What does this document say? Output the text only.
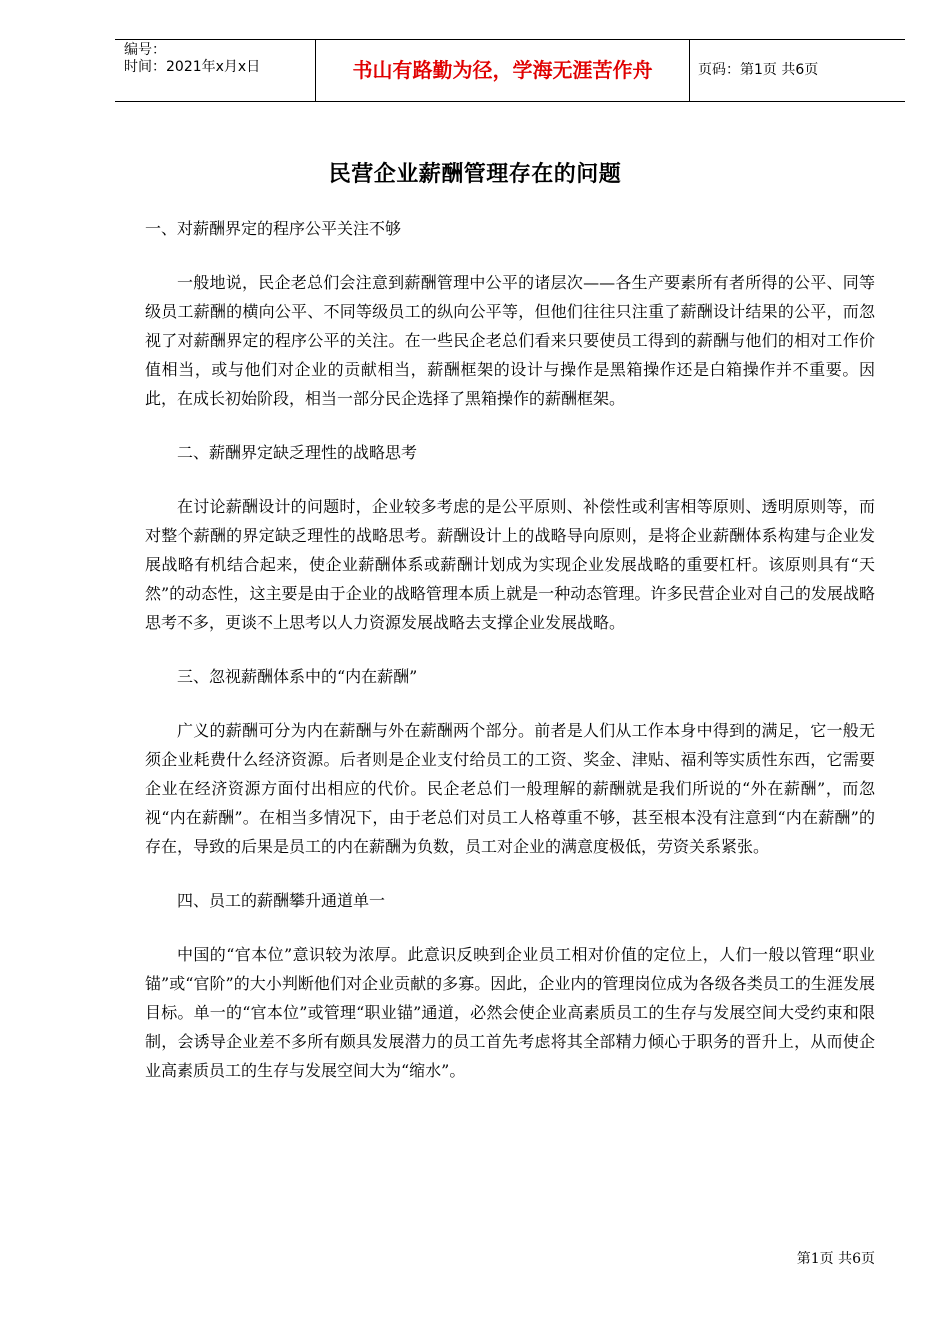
编号：
时间：2021年x月x日	书山有路勤为径，学海无涯苦作舟	页码：第1页 共6页
民营企业薪酬管理存在的问题
一、对薪酬界定的程序公平关注不够
一般地说，民企老总们会注意到薪酬管理中公平的诸层次——各生产要素所有者所得的公平、同等级员工薪酬的横向公平、不同等级员工的纵向公平等，但他们往往只注重了薪酬设计结果的公平，而忽视了对薪酬界定的程序公平的关注。在一些民企老总们看来只要使员工得到的薪酬与他们的相对工作价值相当，或与他们对企业的贡献相当，薪酬框架的设计与操作是黑箱操作还是白箱操作并不重要。因此，在成长初始阶段，相当一部分民企选择了黑箱操作的薪酬框架。
二、薪酬界定缺乏理性的战略思考
在讨论薪酬设计的问题时，企业较多考虑的是公平原则、补偿性或利害相等原则、透明原则等，而对整个薪酬的界定缺乏理性的战略思考。薪酬设计上的战略导向原则，是将企业薪酬体系构建与企业发展战略有机结合起来，使企业薪酬体系或薪酬计划成为实现企业发展战略的重要杠杆。该原则具有“天然”的动态性，这主要是由于企业的战略管理本质上就是一种动态管理。许多民营企业对自己的发展战略思考不多，更谈不上思考以人力资源发展战略去支撑企业发展战略。
三、忽视薪酬体系中的“内在薪酬”
广义的薪酬可分为内在薪酬与外在薪酬两个部分。前者是人们从工作本身中得到的满足，它一般无须企业耗费什么经济资源。后者则是企业支付给员工的工资、奖金、津贴、福利等实质性东西，它需要企业在经济资源方面付出相应的代价。民企老总们一般理解的薪酬就是我们所说的“外在薪酬”，而忽视“内在薪酬”。在相当多情况下，由于老总们对员工人格尊重不够，甚至根本没有注意到“内在薪酬”的存在，导致的后果是员工的内在薪酬为负数，员工对企业的满意度极低，劳资关系紧张。
四、员工的薪酬攀升通道单一
中国的“官本位”意识较为浓厚。此意识反映到企业员工相对价值的定位上，人们一般以管理“职业锚”或“官阶”的大小判断他们对企业贡献的多寡。因此，企业内的管理岗位成为各级各类员工的生涯发展目标。单一的“官本位”或管理“职业锚”通道，必然会使企业高素质员工的生存与发展空间大受约束和限制，会诱导企业差不多所有颇具发展潜力的员工首先考虑将其全部精力倾心于职务的晋升上，从而使企业高素质员工的生存与发展空间大为“缩水”。
第1页 共6页
